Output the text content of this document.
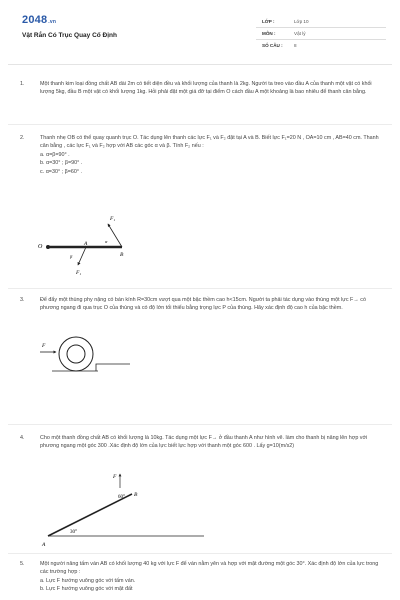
2048.vn
Vật Rắn Có Trục Quay Cố Định
LỚP :	Lớp 10
MÔN :	Vật lý
SỐ CÂU : 8
1.	Một thanh kim loại đồng chất AB dài 2m có tiết diện đều và khối lượng của thanh là 2kg. Người ta treo vào đầu A của thanh một vật có khối lượng 5kg, đầu B một vật có khối lượng 1kg. Hỏi phải đặt một giá đỡ tại điểm O cách đầu A một khoảng là bao nhiêu để thanh cân bằng.
2.	Thanh nhẹ OB có thể quay quanh trục O. Tác dụng lên thanh các lực F₁ và F₂ đặt tại A và B. Biết lực F₁=20 N , OA=10 cm , AB=40 cm. Thanh cân bằng , các lực F₁ và F₂ hợp với AB các góc α và β. Tính F₂ nếu :
a. α=β=90° .
b. α=30° ; β=90° .
c. α=30° ; β=60° .
O
F₁
F₁
A
B
α
β
3.	Để đẩy một thùng phy nặng có bán kính R=30cm vượt qua một bậc thềm cao h<15cm. Người ta phải tác dụng vào thùng một lực F→ có phương ngang đi qua trục O của thùng và có độ lớn tối thiểu bằng trọng lực P của thùng. Hãy xác định độ cao h của bậc thềm.
F
4.	Cho một thanh đồng chất AB có khối lượng là 10kg. Tác dụng một lực F→ ở đầu thanh A như hình vẽ. làm cho thanh bị nâng lên hợp với phương ngang một góc 300 .Xác định độ lớn của lực biết lực hợp với thanh một góc 600 . Lấy g=10(m/s2)
F
60°
30°
A
B
5.	Một người nâng tấm ván AB có khối lượng 40 kg với lực F để ván nằm yên và hợp với mặt đường một góc 30°. Xác định độ lớn của lực trong các trường hợp :
a. Lực F hướng vuông góc với tấm ván.
b. Lực F hướng vuông góc với mặt đất
